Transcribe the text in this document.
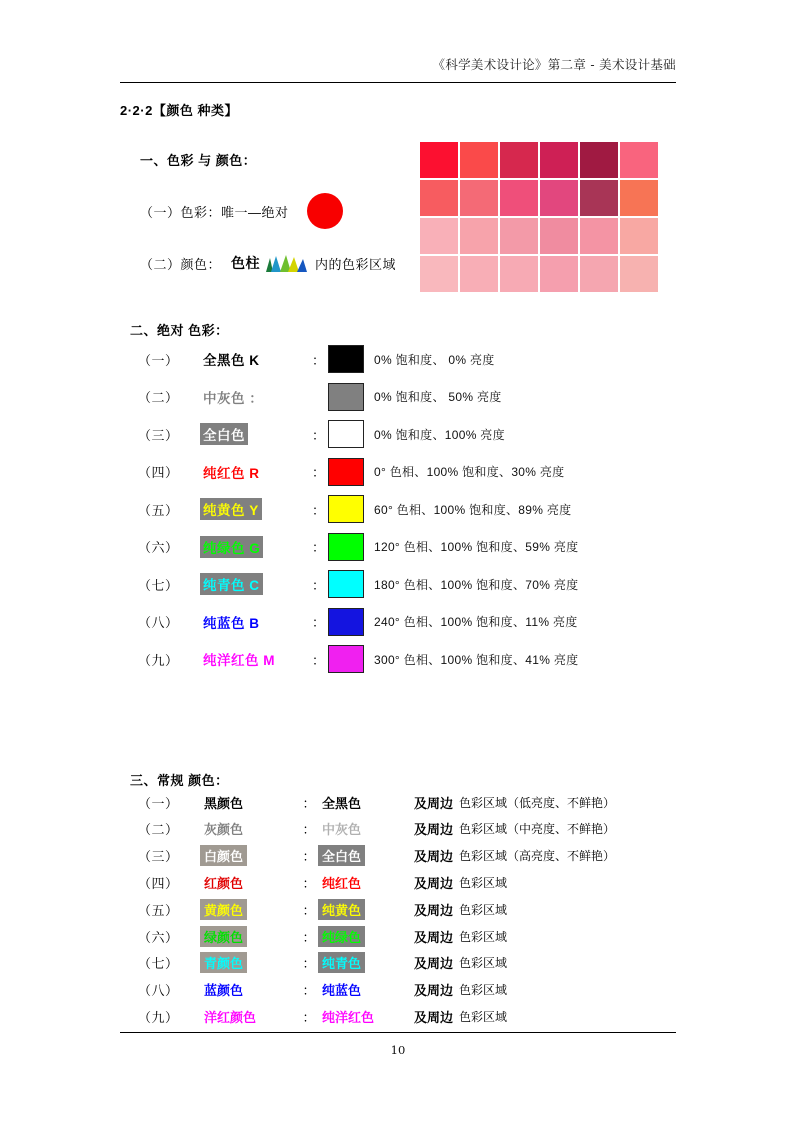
《科学美术设计论》第二章 - 美术设计基础
2·2·2【颜色 种类】
一、色彩 与 颜色：
（一）色彩：唯一—绝对
（二）颜色： 色柱	内的色彩区域
二、绝对 色彩：
（一）	全黑色 K	：	0% 饱和度、 0% 亮度
（二）	中灰色 ：	0% 饱和度、 50% 亮度
（三）	全白色	：	0% 饱和度、100% 亮度
（四）	纯红色 R	：	0° 色相、100% 饱和度、30% 亮度
（五）	纯黄色 Y	：	60° 色相、100% 饱和度、89% 亮度
（六）	纯绿色 G	：	120° 色相、100% 饱和度、59% 亮度
（七）	纯青色 C	：	180° 色相、100% 饱和度、70% 亮度
（八）	纯蓝色 B	：	240° 色相、100% 饱和度、11% 亮度
（九）	纯洋红色 M	：	300° 色相、100% 饱和度、41% 亮度
三、常规 颜色：
（一）	黑颜色	： 全黑色	及周边 色彩区域（低亮度、不鲜艳）
（二）	灰颜色	： 中灰色	及周边 色彩区域（中亮度、不鲜艳）
（三）	白颜色	： 全白色	及周边 色彩区域（高亮度、不鲜艳）
（四）	红颜色	： 纯红色	及周边 色彩区域
（五）	黄颜色	： 纯黄色	及周边 色彩区域
（六）	绿颜色	： 纯绿色	及周边 色彩区域
（七）	青颜色	： 纯青色	及周边 色彩区域
（八）	蓝颜色	： 纯蓝色	及周边 色彩区域
（九）	洋红颜色	： 纯洋红色	及周边 色彩区域
10
